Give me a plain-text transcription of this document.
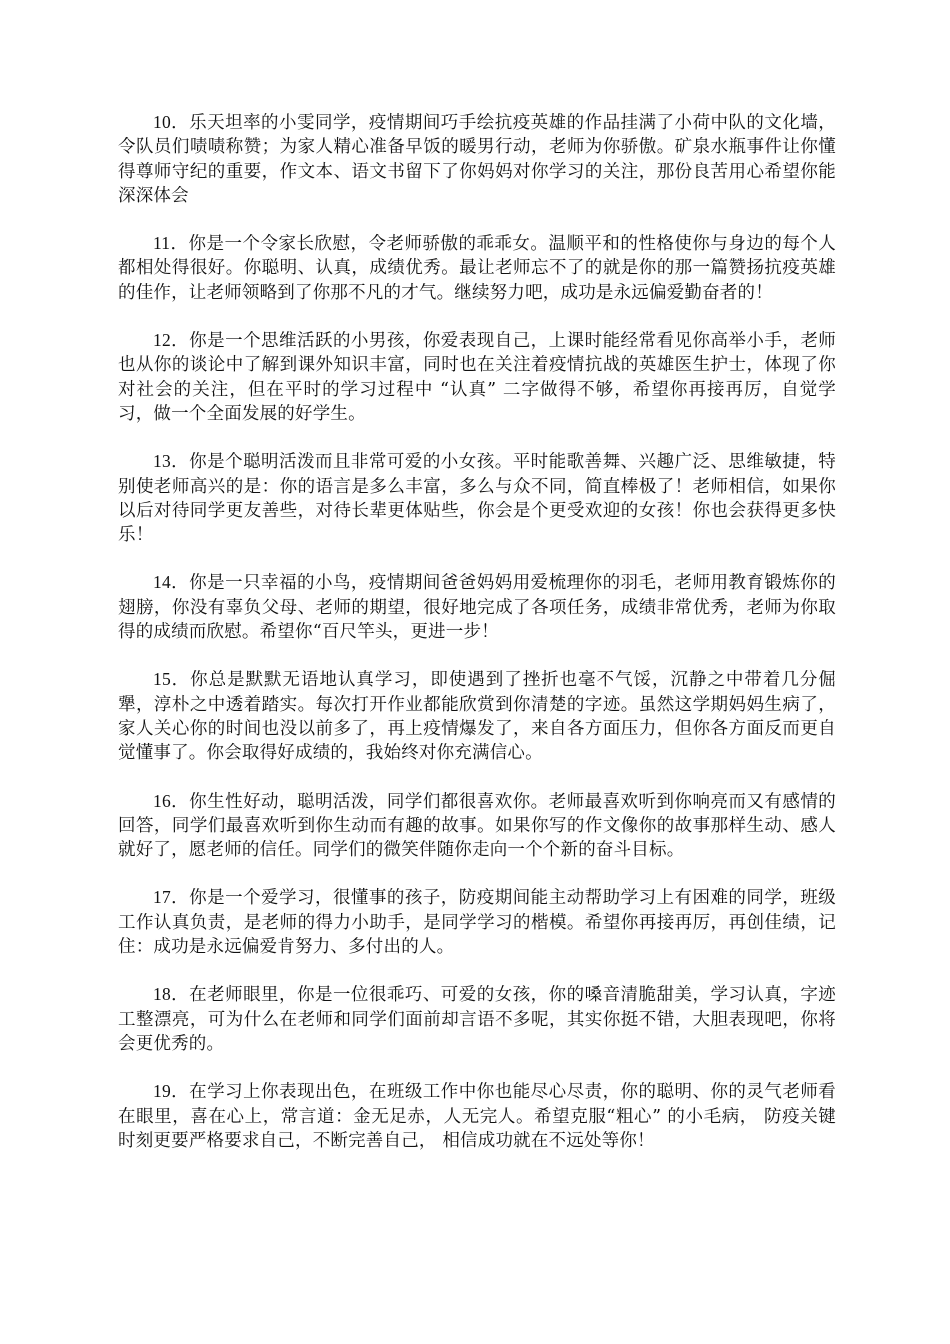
10．乐天坦率的小雯同学，疫情期间巧手绘抗疫英雄的作品挂满了小荷中队的文化墙，令队员们啧啧称赞；为家人精心准备早饭的暖男行动，老师为你骄傲。矿泉水瓶事件让你懂得尊师守纪的重要，作文本、语文书留下了你妈妈对你学习的关注，那份良苦用心希望你能深深体会

11．你是一个令家长欣慰，令老师骄傲的乖乖女。温顺平和的性格使你与身边的每个人都相处得很好。你聪明、认真，成绩优秀。最让老师忘不了的就是你的那一篇赞扬抗疫英雄的佳作，让老师领略到了你那不凡的才气。继续努力吧，成功是永远偏爱勤奋者的！

12．你是一个思维活跃的小男孩，你爱表现自己，上课时能经常看见你高举小手，老师也从你的谈论中了解到课外知识丰富，同时也在关注着疫情抗战的英雄医生护士，体现了你对社会的关注，但在平时的学习过程中 “认真” 二字做得不够，希望你再接再厉，自觉学习，做一个全面发展的好学生。

13．你是个聪明活泼而且非常可爱的小女孩。平时能歌善舞、兴趣广泛、思维敏捷，特别使老师高兴的是：你的语言是多么丰富，多么与众不同，简直棒极了！老师相信，如果你以后对待同学更友善些，对待长辈更体贴些，你会是个更受欢迎的女孩！你也会获得更多快乐！

14．你是一只幸福的小鸟，疫情期间爸爸妈妈用爱梳理你的羽毛，老师用教育锻炼你的翅膀，你没有辜负父母、老师的期望，很好地完成了各项任务，成绩非常优秀，老师为你取得的成绩而欣慰。希望你“百尺竿头，更进一步！

15．你总是默默无语地认真学习，即使遇到了挫折也毫不气馁，沉静之中带着几分倔犟，淳朴之中透着踏实。每次打开作业都能欣赏到你清楚的字迹。虽然这学期妈妈生病了，家人关心你的时间也没以前多了，再上疫情爆发了，来自各方面压力，但你各方面反而更自觉懂事了。你会取得好成绩的，我始终对你充满信心。

16．你生性好动，聪明活泼，同学们都很喜欢你。老师最喜欢听到你响亮而又有感情的回答，同学们最喜欢听到你生动而有趣的故事。如果你写的作文像你的故事那样生动、感人就好了，愿老师的信任。同学们的微笑伴随你走向一个个新的奋斗目标。

17．你是一个爱学习，很懂事的孩子，防疫期间能主动帮助学习上有困难的同学，班级工作认真负责，是老师的得力小助手，是同学学习的楷模。希望你再接再厉，再创佳绩，记住：成功是永远偏爱肯努力、多付出的人。

18．在老师眼里，你是一位很乖巧、可爱的女孩，你的嗓音清脆甜美，学习认真，字迹工整漂亮，可为什么在老师和同学们面前却言语不多呢，其实你挺不错，大胆表现吧，你将会更优秀的。

19．在学习上你表现出色，在班级工作中你也能尽心尽责，你的聪明、你的灵气老师看在眼里，喜在心上，常言道：金无足赤，人无完人。希望克服“粗心” 的小毛病， 防疫关键时刻更要严格要求自己，不断完善自己， 相信成功就在不远处等你！
